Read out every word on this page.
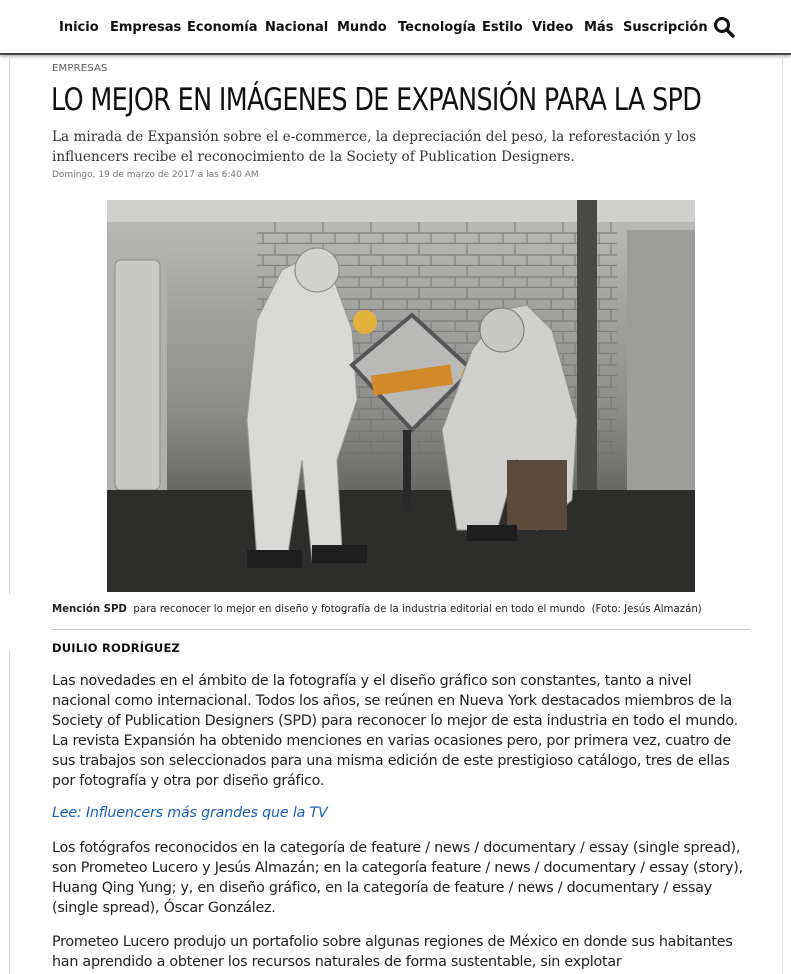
Inicio Empresas Economía Nacional Mundo Tecnología Estilo Video Más Suscripción
EMPRESAS
LO MEJOR EN IMÁGENES DE EXPANSIÓN PARA LA SPD

La mirada de Expansión sobre el e-commerce, la depreciación del peso, la reforestación y los influencers recibe el reconocimiento de la Society of Publication Designers.

Domingo, 19 de marzo de 2017 a las 6:40 AM
Mención SPD para reconocer lo mejor en diseño y fotografía de la industria editorial en todo el mundo (Foto: Jesús Almazán)
DUILIO RODRÍGUEZ

Las novedades en el ámbito de la fotografía y el diseño gráfico son constantes, tanto a nivel nacional como internacional. Todos los años, se reúnen en Nueva York destacados miembros de la Society of Publication Designers (SPD) para reconocer lo mejor de esta industria en todo el mundo. La revista Expansión ha obtenido menciones en varias ocasiones pero, por primera vez, cuatro de sus trabajos son seleccionados para una misma edición de este prestigioso catálogo, tres de ellas por fotografía y otra por diseño gráfico.

Lee: Influencers más grandes que la TV

Los fotógrafos reconocidos en la categoría de feature / news / documentary / essay (single spread), son Prometeo Lucero y Jesús Almazán; en la categoría feature / news / documentary / essay (story), Huang Qing Yung; y, en diseño gráfico, en la categoría de feature / news / documentary / essay (single spread), Óscar González.

Prometeo Lucero produjo un portafolio sobre algunas regiones de México en donde sus habitantes han aprendido a obtener los recursos naturales de forma sustentable, sin explotar
